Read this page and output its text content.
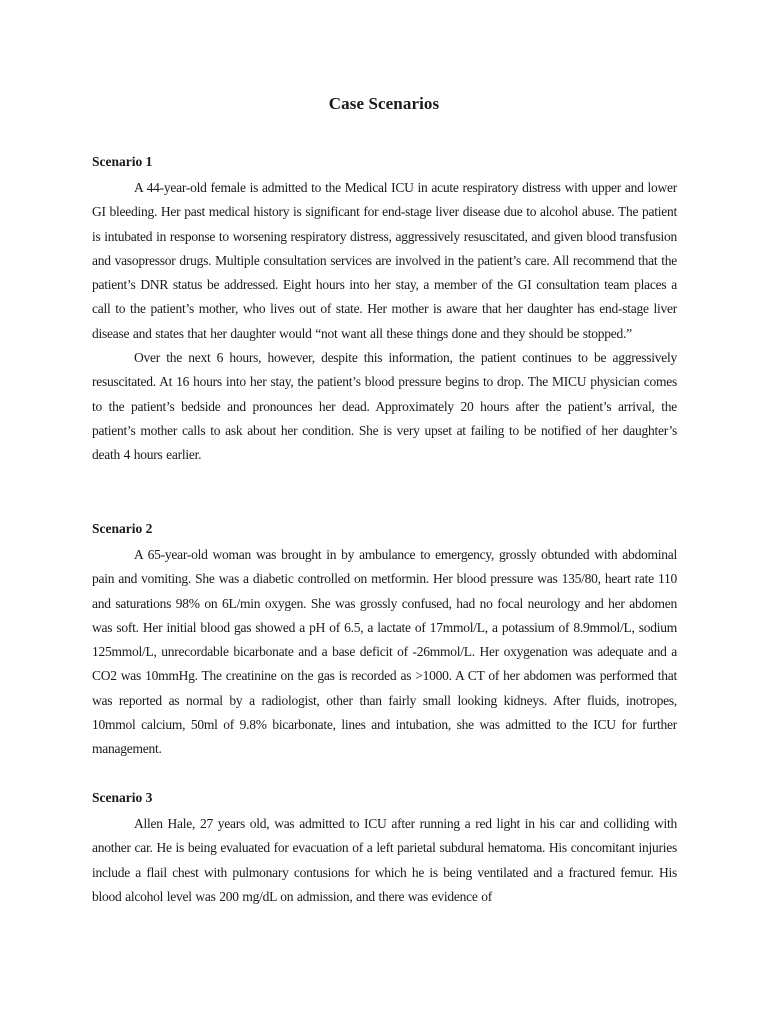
Case Scenarios

Scenario 1

A 44-year-old female is admitted to the Medical ICU in acute respiratory distress with upper and lower GI bleeding. Her past medical history is significant for end-stage liver disease due to alcohol abuse. The patient is intubated in response to worsening respiratory distress, aggressively resuscitated, and given blood transfusion and vasopressor drugs. Multiple consultation services are involved in the patient’s care. All recommend that the patient’s DNR status be addressed. Eight hours into her stay, a member of the GI consultation team places a call to the patient’s mother, who lives out of state. Her mother is aware that her daughter has end-stage liver disease and states that her daughter would “not want all these things done and they should be stopped.”

Over the next 6 hours, however, despite this information, the patient continues to be aggressively resuscitated. At 16 hours into her stay, the patient’s blood pressure begins to drop. The MICU physician comes to the patient’s bedside and pronounces her dead. Approximately 20 hours after the patient’s arrival, the patient’s mother calls to ask about her condition. She is very upset at failing to be notified of her daughter’s death 4 hours earlier.

Scenario 2

A 65-year-old woman was brought in by ambulance to emergency, grossly obtunded with abdominal pain and vomiting. She was a diabetic controlled on metformin. Her blood pressure was 135/80, heart rate 110 and saturations 98% on 6L/min oxygen. She was grossly confused, had no focal neurology and her abdomen was soft. Her initial blood gas showed a pH of 6.5, a lactate of 17mmol/L, a potassium of 8.9mmol/L, sodium 125mmol/L, unrecordable bicarbonate and a base deficit of -26mmol/L. Her oxygenation was adequate and a CO2 was 10mmHg. The creatinine on the gas is recorded as >1000. A CT of her abdomen was performed that was reported as normal by a radiologist, other than fairly small looking kidneys. After fluids, inotropes, 10mmol calcium, 50ml of 9.8% bicarbonate, lines and intubation, she was admitted to the ICU for further management.

Scenario 3

Allen Hale, 27 years old, was admitted to ICU after running a red light in his car and colliding with another car. He is being evaluated for evacuation of a left parietal subdural hematoma. His concomitant injuries include a flail chest with pulmonary contusions for which he is being ventilated and a fractured femur. His blood alcohol level was 200 mg/dL on admission, and there was evidence of
